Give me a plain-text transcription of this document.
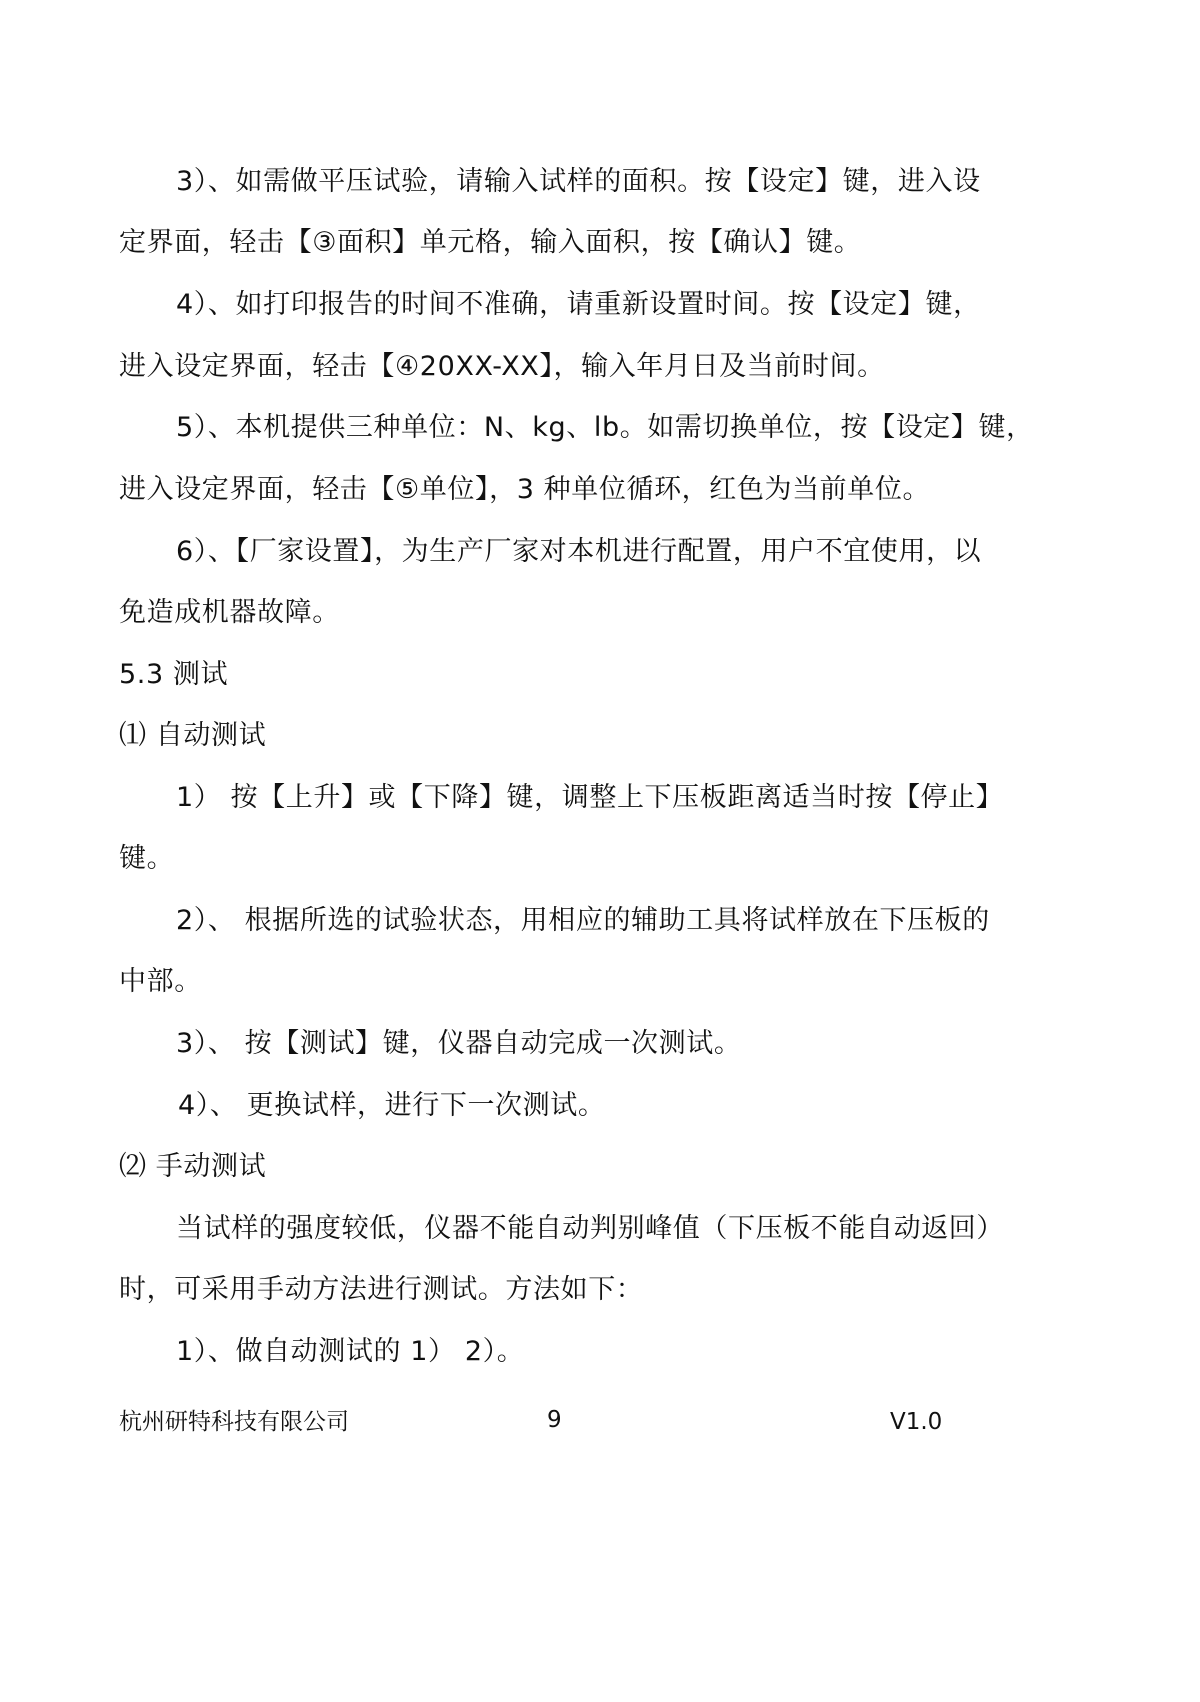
3）、如需做平压试验，请输入试样的面积。按【设定】键，进入设
定界面，轻击【③面积】单元格，输入面积，按【确认】键。
4）、如打印报告的时间不准确，请重新设置时间。按【设定】键，
进入设定界面，轻击【④20XX-XX】，输入年月日及当前时间。
5）、本机提供三种单位：N、kg、lb。如需切换单位，按【设定】键，
进入设定界面，轻击【⑤单位】，3 种单位循环，红色为当前单位。
6）、【厂家设置】，为生产厂家对本机进行配置，用户不宜使用，以
免造成机器故障。
5.3 测试
⑴ 自动测试
1） 按【上升】或【下降】键，调整上下压板距离适当时按【停止】
键。
2）、 根据所选的试验状态，用相应的辅助工具将试样放在下压板的
中部。
3）、 按【测试】键，仪器自动完成一次测试。
4）、 更换试样，进行下一次测试。
⑵ 手动测试
当试样的强度较低，仪器不能自动判别峰值（下压板不能自动返回）
时，可采用手动方法进行测试。方法如下：
1）、做自动测试的 1） 2）。
杭州研特科技有限公司	9	V1.0
